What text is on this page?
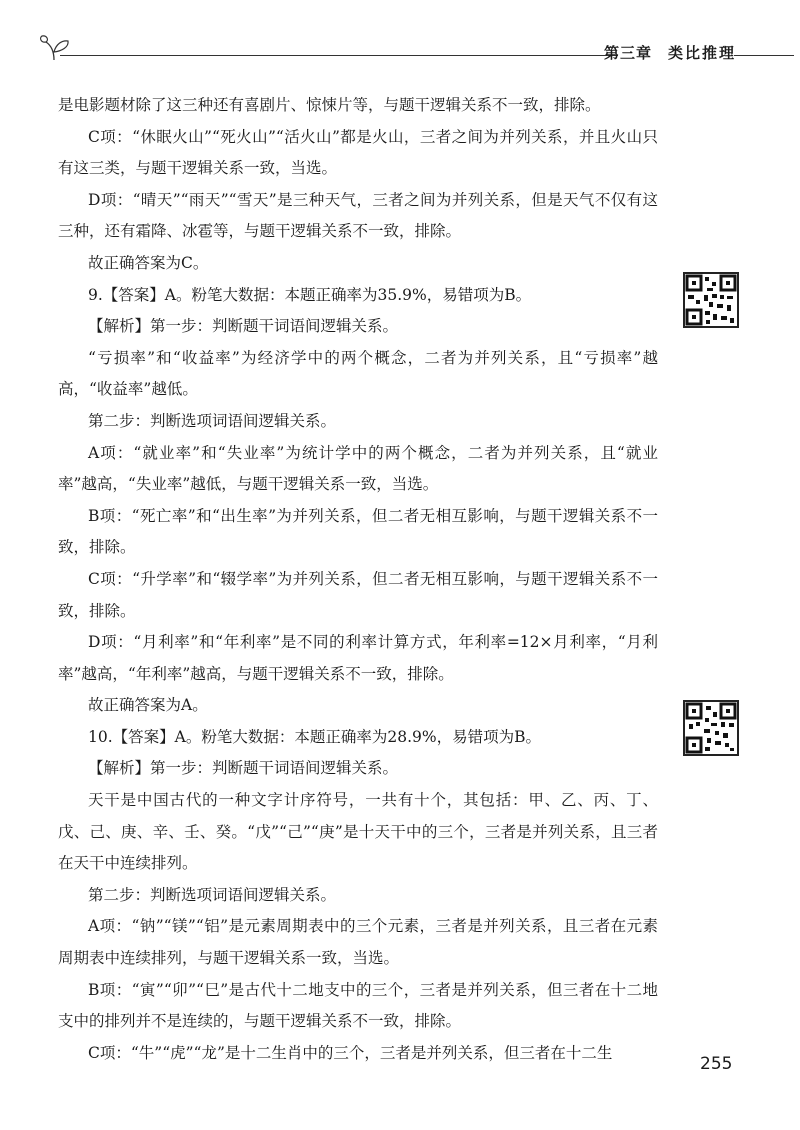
第三章 类比推理

是电影题材除了这三种还有喜剧片、惊悚片等，与题干逻辑关系不一致，排除。

C项：“休眠火山”“死火山”“活火山”都是火山，三者之间为并列关系，并且火山只有这三类，与题干逻辑关系一致，当选。

D项：“晴天”“雨天”“雪天”是三种天气，三者之间为并列关系，但是天气不仅有这三种，还有霜降、冰雹等，与题干逻辑关系不一致，排除。

故正确答案为C。

9.【答案】A。粉笔大数据：本题正确率为35.9%，易错项为B。

【解析】第一步：判断题干词语间逻辑关系。

“亏损率”和“收益率”为经济学中的两个概念，二者为并列关系，且“亏损率”越高，“收益率”越低。

第二步：判断选项词语间逻辑关系。

A项：“就业率”和“失业率”为统计学中的两个概念，二者为并列关系，且“就业率”越高，“失业率”越低，与题干逻辑关系一致，当选。

B项：“死亡率”和“出生率”为并列关系，但二者无相互影响，与题干逻辑关系不一致，排除。

C项：“升学率”和“辍学率”为并列关系，但二者无相互影响，与题干逻辑关系不一致，排除。

D项：“月利率”和“年利率”是不同的利率计算方式，年利率=12×月利率，“月利率”越高，“年利率”越高，与题干逻辑关系不一致，排除。

故正确答案为A。

10.【答案】A。粉笔大数据：本题正确率为28.9%，易错项为B。

【解析】第一步：判断题干词语间逻辑关系。

天干是中国古代的一种文字计序符号，一共有十个，其包括：甲、乙、丙、丁、戊、己、庚、辛、壬、癸。“戊”“己”“庚”是十天干中的三个，三者是并列关系，且三者在天干中连续排列。

第二步：判断选项词语间逻辑关系。

A项：“钠”“镁”“铝”是元素周期表中的三个元素，三者是并列关系，且三者在元素周期表中连续排列，与题干逻辑关系一致，当选。

B项：“寅”“卯”“巳”是古代十二地支中的三个，三者是并列关系，但三者在十二地支中的排列并不是连续的，与题干逻辑关系不一致，排除。

C项：“牛”“虎”“龙”是十二生肖中的三个，三者是并列关系，但三者在十二生

255
